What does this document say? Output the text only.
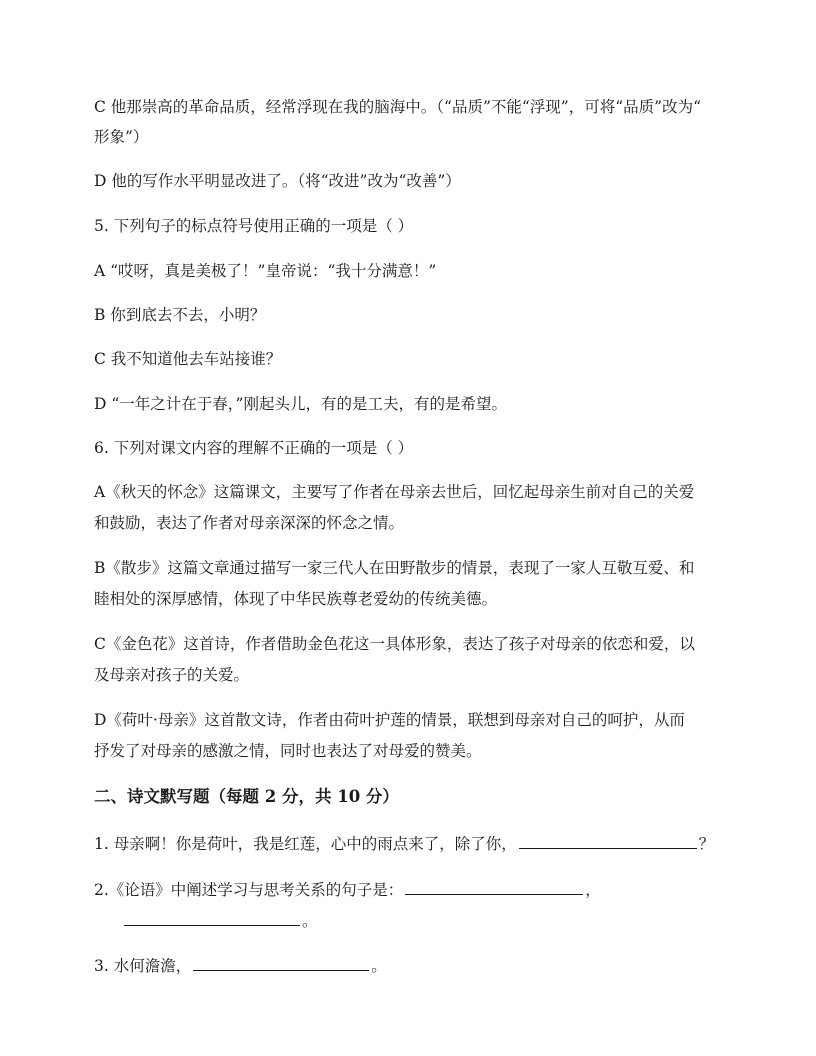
C 他那崇高的革命品质，经常浮现在我的脑海中。（“品质”不能“浮现”，可将“品质”改为“

形象”）

D 他的写作水平明显改进了。（将“改进”改为“改善”）

5. 下列句子的标点符号使用正确的一项是（ ）

A “哎呀，真是美极了！”皇帝说：“我十分满意！”

B 你到底去不去，小明？

C 我不知道他去车站接谁？

D “一年之计在于春，”刚起头儿，有的是工夫，有的是希望。

6. 下列对课文内容的理解不正确的一项是（ ）

A《秋天的怀念》这篇课文，主要写了作者在母亲去世后，回忆起母亲生前对自己的关爱

和鼓励，表达了作者对母亲深深的怀念之情。

B《散步》这篇文章通过描写一家三代人在田野散步的情景，表现了一家人互敬互爱、和

睦相处的深厚感情，体现了中华民族尊老爱幼的传统美德。

C《金色花》这首诗，作者借助金色花这一具体形象，表达了孩子对母亲的依恋和爱，以

及母亲对孩子的关爱。

D《荷叶·母亲》这首散文诗，作者由荷叶护莲的情景，联想到母亲对自己的呵护，从而

抒发了对母亲的感激之情，同时也表达了对母爱的赞美。

二、诗文默写题（每题 2 分，共 10 分）

1. 母亲啊！你是荷叶，我是红莲，心中的雨点来了，除了你，	？

2.《论语》中阐述学习与思考关系的句子是：	，

。

3. 水何澹澹，	。
